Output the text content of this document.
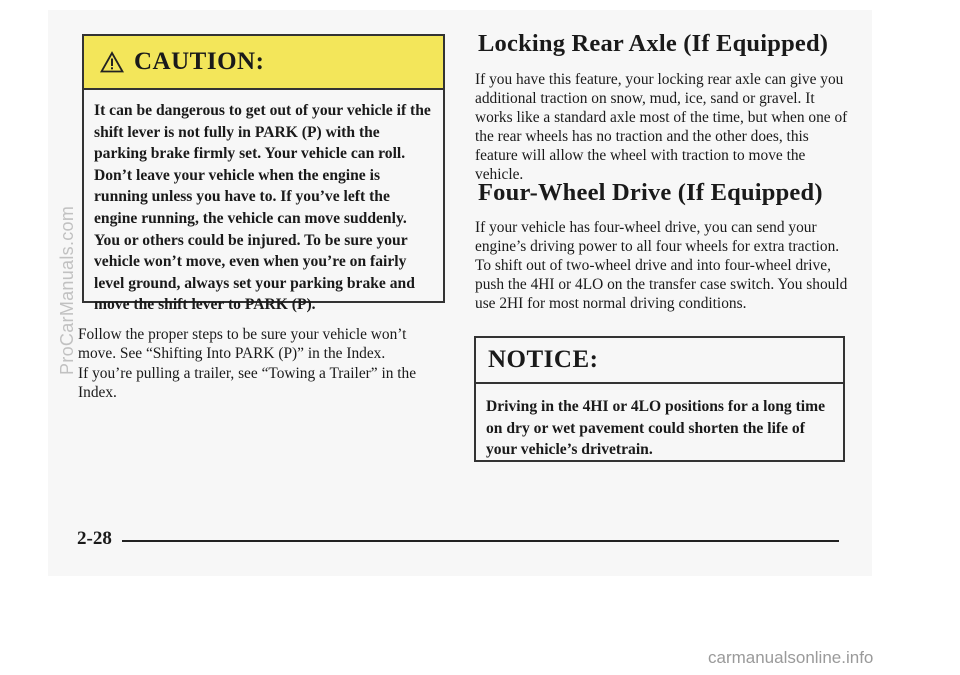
CAUTION:
It can be dangerous to get out of your vehicle if the shift lever is not fully in PARK (P) with the parking brake firmly set. Your vehicle can roll. Don’t leave your vehicle when the engine is running unless you have to. If you’ve left the engine running, the vehicle can move suddenly. You or others could be injured. To be sure your vehicle won’t move, even when you’re on fairly level ground, always set your parking brake and move the shift lever to PARK (P).

Follow the proper steps to be sure your vehicle won’t move. See “Shifting Into PARK (P)” in the Index.

If you’re pulling a trailer, see “Towing a Trailer” in the Index.

Locking Rear Axle (If Equipped)

If you have this feature, your locking rear axle can give you additional traction on snow, mud, ice, sand or gravel. It works like a standard axle most of the time, but when one of the rear wheels has no traction and the other does, this feature will allow the wheel with traction to move the vehicle.

Four-Wheel Drive (If Equipped)

If your vehicle has four-wheel drive, you can send your engine’s driving power to all four wheels for extra traction. To shift out of two-wheel drive and into four-wheel drive, push the 4HI or 4LO on the transfer case switch. You should use 2HI for most normal driving conditions.

NOTICE:
Driving in the 4HI or 4LO positions for a long time on dry or wet pavement could shorten the life of your vehicle’s drivetrain.
2-28
ProCarManuals.com
carmanualsonline.info
